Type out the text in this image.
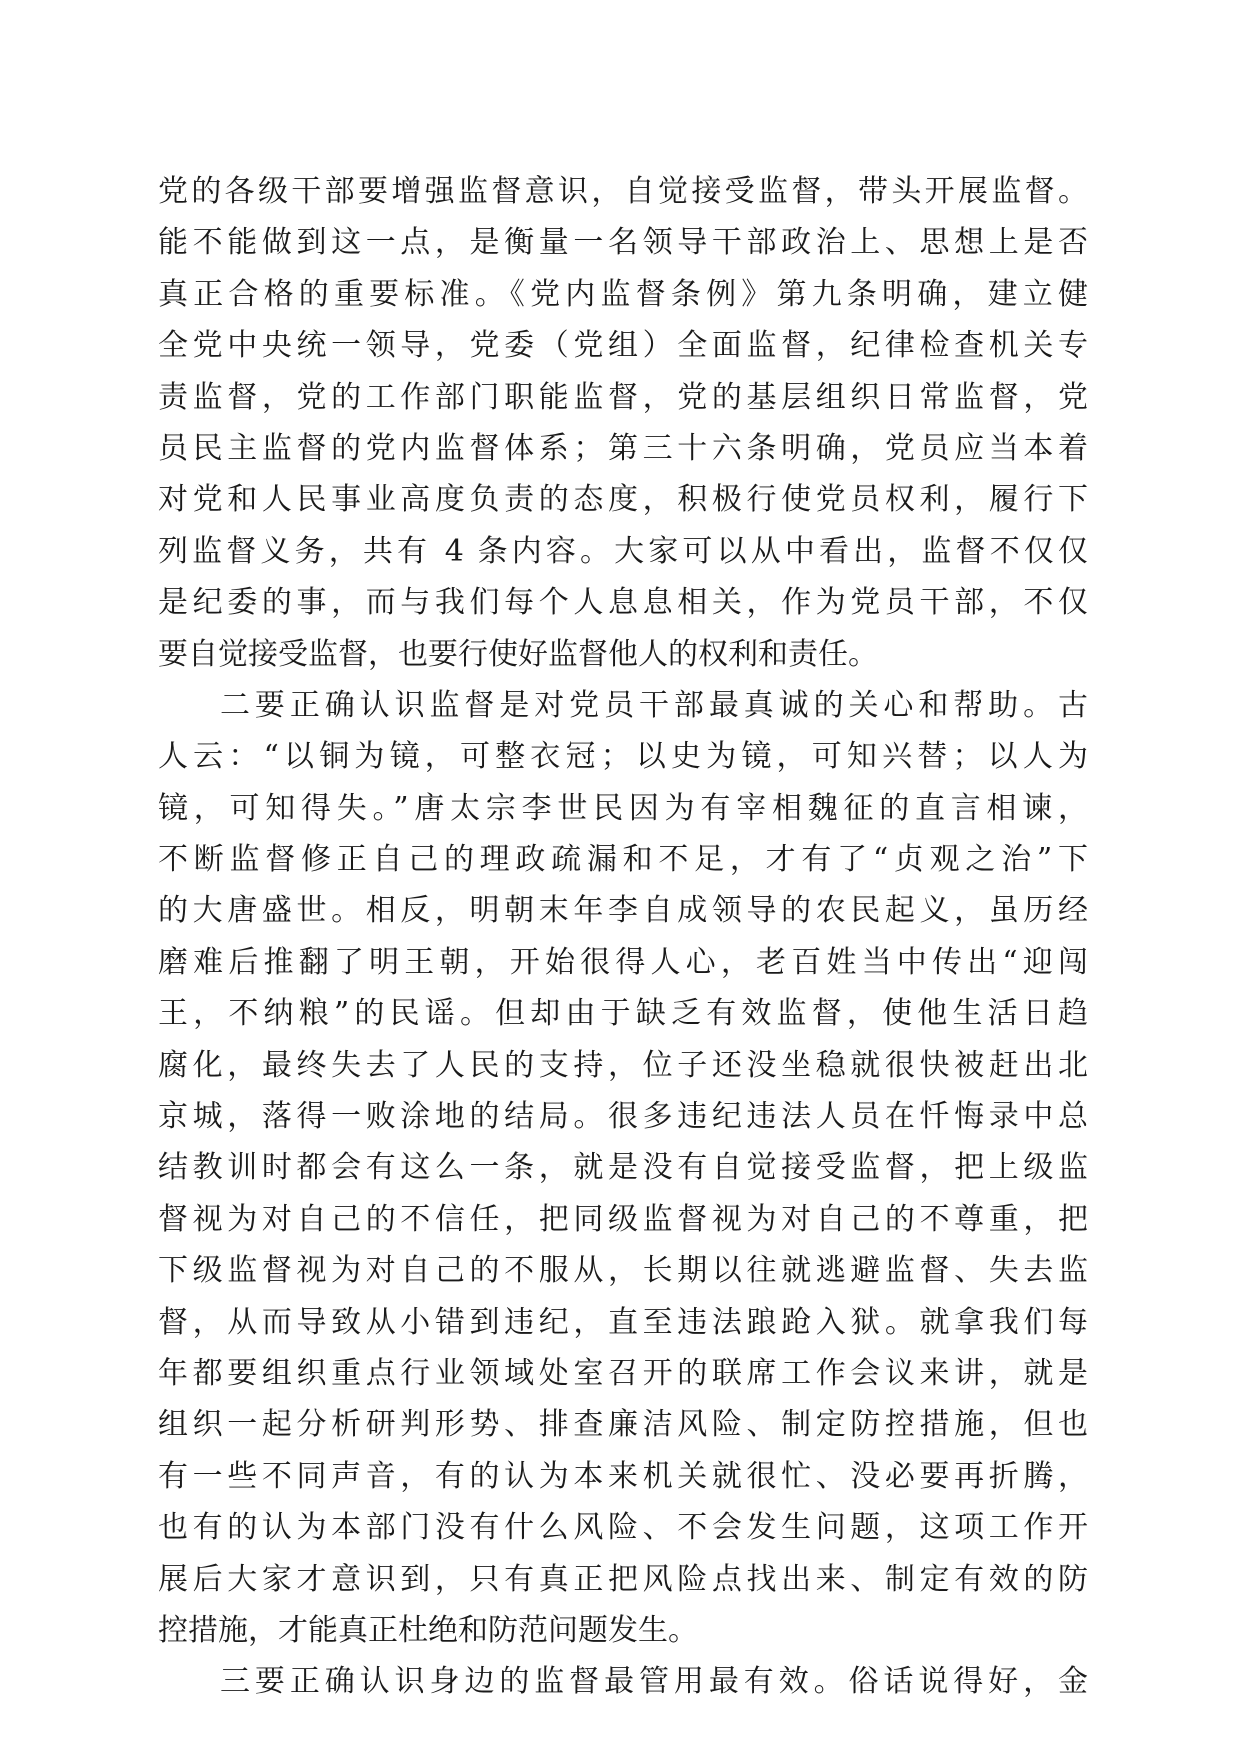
党的各级干部要增强监督意识，自觉接受监督，带头开展监督。
能不能做到这一点，是衡量一名领导干部政治上、思想上是否
真正合格的重要标准。《党内监督条例》第九条明确，建立健
全党中央统一领导，党委（党组）全面监督，纪律检查机关专
责监督，党的工作部门职能监督，党的基层组织日常监督，党
员民主监督的党内监督体系；第三十六条明确，党员应当本着
对党和人民事业高度负责的态度，积极行使党员权利，履行下
列监督义务，共有 4 条内容。大家可以从中看出，监督不仅仅
是纪委的事，而与我们每个人息息相关，作为党员干部，不仅
要自觉接受监督，也要行使好监督他人的权利和责任。
二要正确认识监督是对党员干部最真诚的关心和帮助。古
人云：“以铜为镜，可整衣冠；以史为镜，可知兴替；以人为
镜，可知得失。”唐太宗李世民因为有宰相魏征的直言相谏，
不断监督修正自己的理政疏漏和不足，才有了“贞观之治”下
的大唐盛世。相反，明朝末年李自成领导的农民起义，虽历经
磨难后推翻了明王朝，开始很得人心，老百姓当中传出“迎闯
王，不纳粮”的民谣。但却由于缺乏有效监督，使他生活日趋
腐化，最终失去了人民的支持，位子还没坐稳就很快被赶出北
京城，落得一败涂地的结局。很多违纪违法人员在忏悔录中总
结教训时都会有这么一条，就是没有自觉接受监督，把上级监
督视为对自己的不信任，把同级监督视为对自己的不尊重，把
下级监督视为对自己的不服从，长期以往就逃避监督、失去监
督，从而导致从小错到违纪，直至违法踉跄入狱。就拿我们每
年都要组织重点行业领域处室召开的联席工作会议来讲，就是
组织一起分析研判形势、排查廉洁风险、制定防控措施，但也
有一些不同声音，有的认为本来机关就很忙、没必要再折腾，
也有的认为本部门没有什么风险、不会发生问题，这项工作开
展后大家才意识到，只有真正把风险点找出来、制定有效的防
控措施，才能真正杜绝和防范问题发生。
三要正确认识身边的监督最管用最有效。俗话说得好，金
